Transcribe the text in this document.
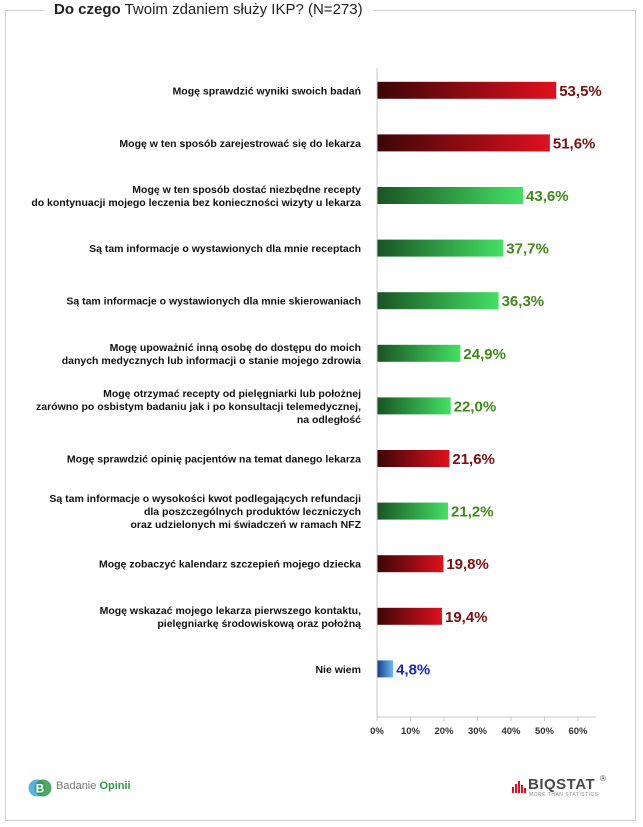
Do czego Twoim zdaniem służy IKP? (N=273)
0% 10% 20% 30% 40% 50% 60%
53,5%
Mogę sprawdzić wyniki swoich badań
51,6%
Mogę w ten sposób zarejestrować się do lekarza
43,6%
Mogę w ten sposób dostać niezbędne recepty do kontynuacji mojego leczenia bez konieczności wizyty u lekarza
37,7%
Są tam informacje o wystawionych dla mnie receptach
36,3%
Są tam informacje o wystawionych dla mnie skierowaniach
24,9%
Mogę upoważnić inną osobę do dostępu do moich danych medycznych lub informacji o stanie mojego zdrowia
22,0%
Mogę otrzymać recepty od pielęgniarki lub położnej zarówno po osbistym badaniu jak i po konsultacji telemedycznej, na odległość
21,6%
Mogę sprawdzić opinię pacjentów na temat danego lekarza
21,2%
Są tam informacje o wysokości kwot podlegających refundacji dla poszczególnych produktów leczniczych oraz udzielonych mi świadczeń w ramach NFZ
19,8%
Mogę zobaczyć kalendarz szczepień mojego dziecka
19,4%
Mogę wskazać mojego lekarza pierwszego kontaktu, pielęgniarkę środowiskową oraz położną
4,8%
Nie wiem
B Badanie Opinii	BIQSTAT ®
MORE THAN STATISTICS
